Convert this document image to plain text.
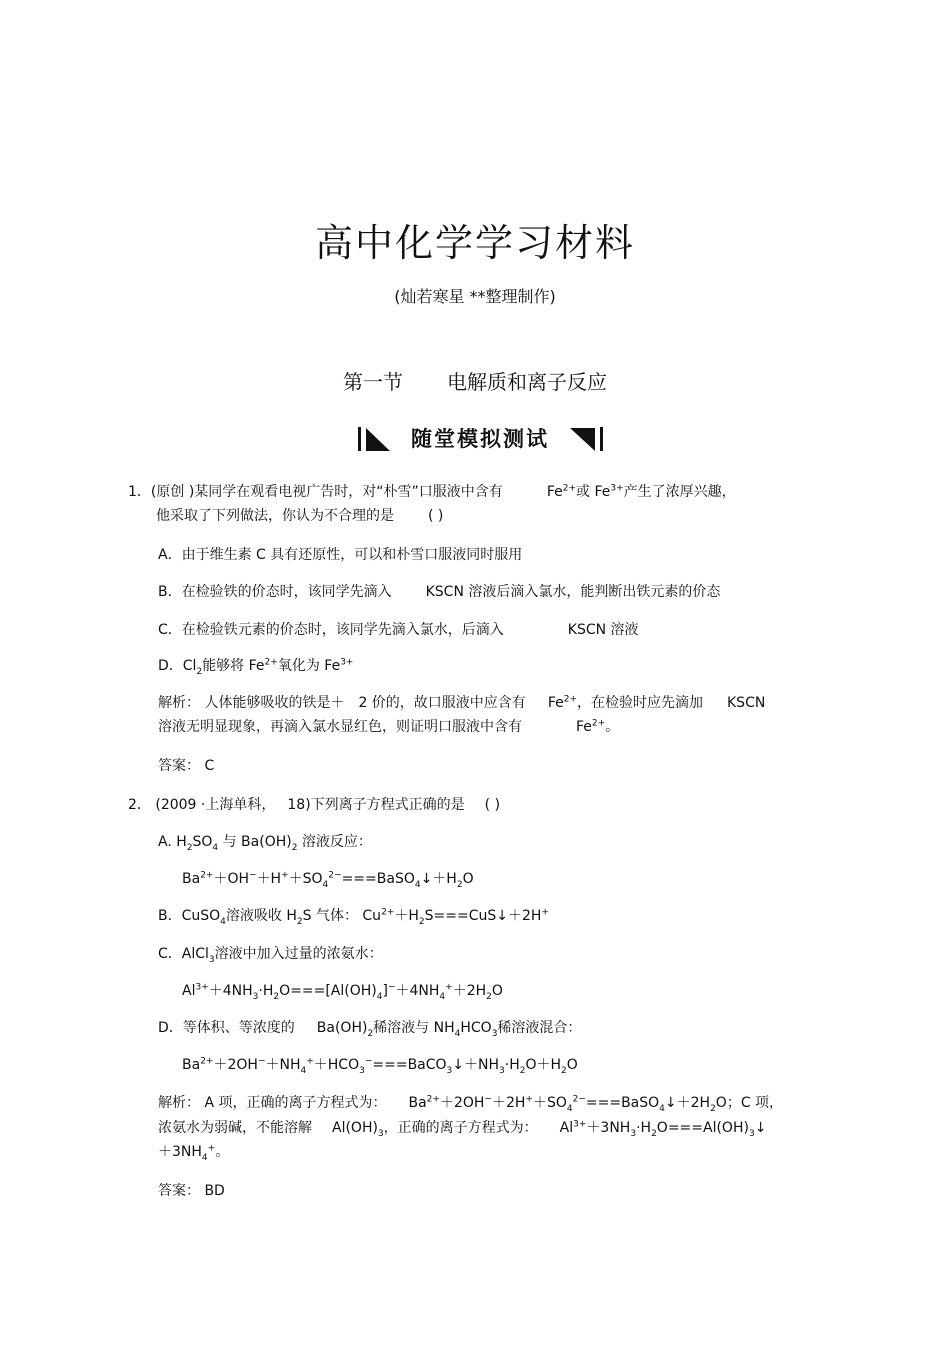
高中化学学习材料
(灿若寒星 **整理制作)
第一节 电解质和离子反应
随堂模拟测试
1．(原创 )某同学在观看电视广告时，对“朴雪”口服液中含有	$Fe^{2+}$或 $Fe^{3+}$产生了浓厚兴趣，
他采取了下列做法，你认为不合理的是 ( )
A．由于维生素 C 具有还原性，可以和朴雪口服液同时服用
B．在检验铁的价态时，该同学先滴入 KSCN 溶液后滴入氯水，能判断出铁元素的价态
C．在检验铁元素的价态时，该同学先滴入氯水，后滴入	KSCN 溶液
D．$Cl_2$能够将 $Fe^{2+}$氧化为 $Fe^{3+}$
解析： 人体能够吸收的铁是＋ 2 价的，故口服液中应含有 $Fe^{2+}$，在检验时应先滴加 KSCN
溶液无明显现象，再滴入氯水显红色，则证明口服液中含有	$Fe^{2+}$。
答案： C
2． (2009 ·上海单科， 18)下列离子方程式正确的是 ( )
A. $H_2SO_4$ 与 $Ba(OH)_2$ 溶液反应：
$Ba^{2+}+OH^-+H^++SO_4^{2-}===BaSO_4↓+H_2O$
B．CuSO$_4$溶液吸收 $H_2S$ 气体： $Cu^{2+}+H_2S===CuS↓+2H^+$
C．AlCl$_3$溶液中加入过量的浓氨水：
$Al^{3+}+4NH_3\cdot H_2O===[Al(OH)_4]^-+4NH_4^++2H_2O$
D．等体积、等浓度的 $Ba(OH)_2$稀溶液与 $NH_4HCO_3$稀溶液混合：
$Ba^{2+}+2OH^-+NH_4^++HCO_3^-===BaCO_3↓+NH_3\cdot H_2O+H_2O$
解析： A 项，正确的离子方程式为： $Ba^{2+}+2OH^-+2H^++SO_4^{2-}===BaSO_4↓+2H_2O$；C 项，
浓氨水为弱碱，不能溶解 $Al(OH)_3$，正确的离子方程式为： $Al^{3+}+3NH_3\cdot H_2O===Al(OH)_3↓$
$+3NH_4^+$。
答案： BD
